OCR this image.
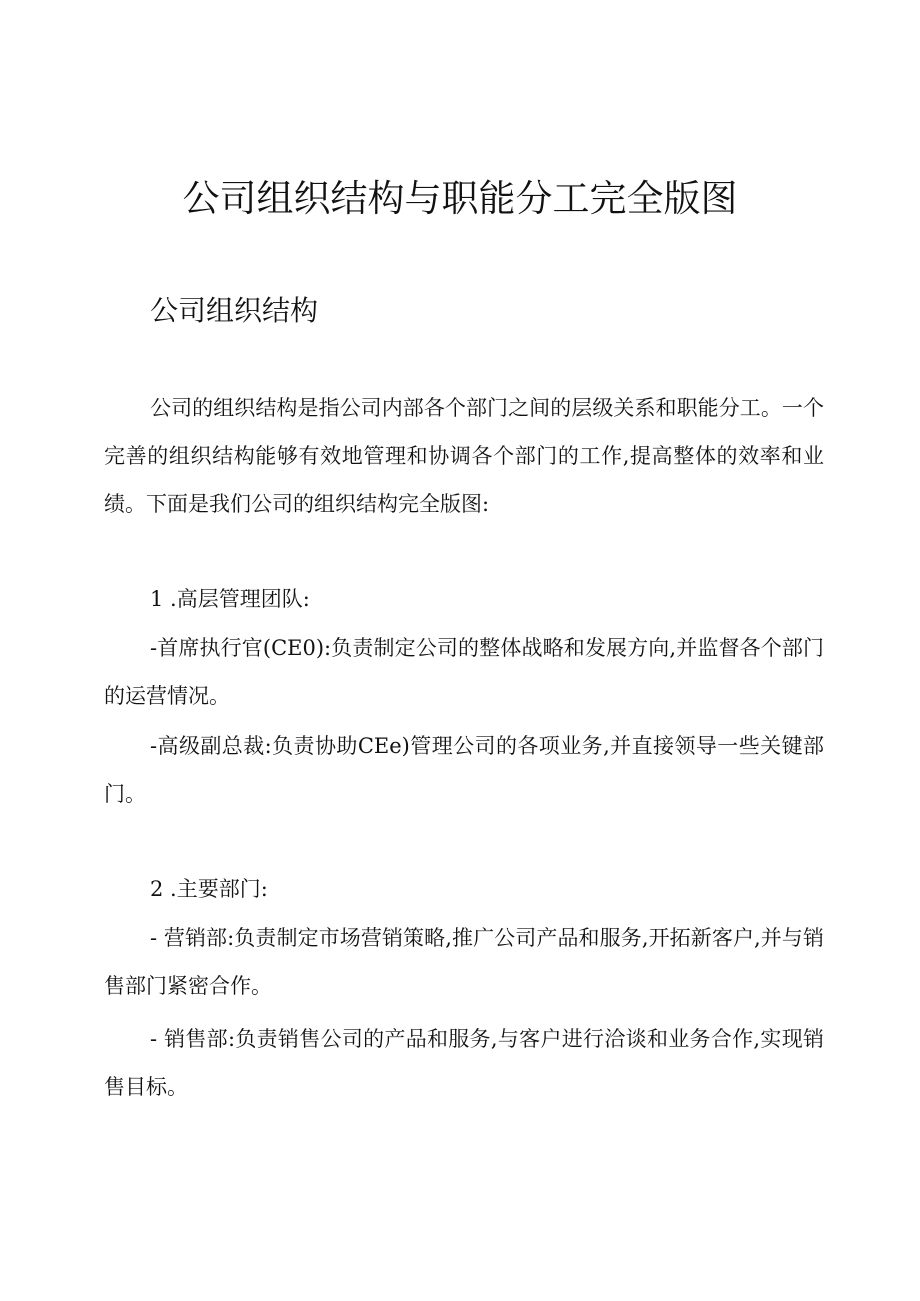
公司组织结构与职能分工完全版图
公司组织结构

公司的组织结构是指公司内部各个部门之间的层级关系和职能分工。一个完善的组织结构能够有效地管理和协调各个部门的工作,提高整体的效率和业绩。下面是我们公司的组织结构完全版图:

1 .高层管理团队:

-首席执行官(CE0):负责制定公司的整体战略和发展方向,并监督各个部门的运营情况。

-高级副总裁:负责协助CEe)管理公司的各项业务,并直接领导一些关键部门。

2 .主要部门:

- 营销部:负责制定市场营销策略,推广公司产品和服务,开拓新客户,并与销售部门紧密合作。

- 销售部:负责销售公司的产品和服务,与客户进行洽谈和业务合作,实现销售目标。
